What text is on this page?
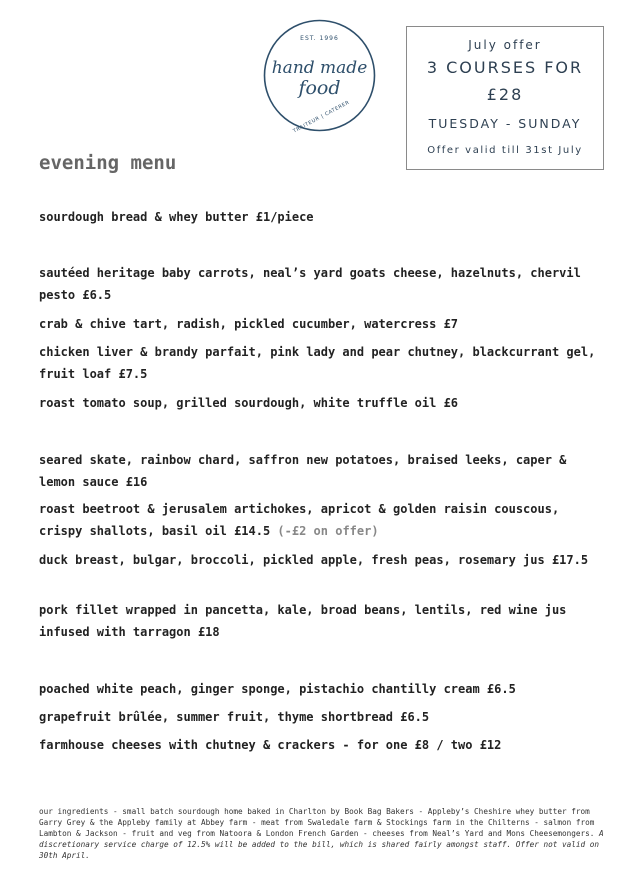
EST. 1996
TRAITEUR | CATERER
hand made
food
July offer
3 COURSES FOR
£28
TUESDAY - SUNDAY
Offer valid till 31st July
evening menu
sourdough bread & whey butter £1/piece
sautéed heritage baby carrots, neal’s yard goats cheese, hazelnuts, chervil pesto £6.5
crab & chive tart, radish, pickled cucumber, watercress £7
chicken liver & brandy parfait, pink lady and pear chutney, blackcurrant gel, fruit loaf £7.5
roast tomato soup, grilled sourdough, white truffle oil £6
seared skate, rainbow chard, saffron new potatoes, braised leeks, caper & lemon sauce £16
roast beetroot & jerusalem artichokes, apricot & golden raisin couscous, crispy shallots, basil oil £14.5 (-£2 on offer)
duck breast, bulgar, broccoli, pickled apple, fresh peas, rosemary jus £17.5
pork fillet wrapped in pancetta, kale, broad beans, lentils, red wine jus infused with tarragon £18
poached white peach, ginger sponge, pistachio chantilly cream £6.5
grapefruit brûlée, summer fruit, thyme shortbread £6.5
farmhouse cheeses with chutney & crackers - for one £8 / two £12
our ingredients - small batch sourdough home baked in Charlton by Book Bag Bakers - Appleby’s Cheshire whey butter from Garry Grey & the Appleby family at Abbey farm - meat from Swaledale farm & Stockings farm in the Chilterns - salmon from Lambton & Jackson - fruit and veg from Natoora & London French Garden - cheeses from Neal’s Yard and Mons Cheesemongers. A discretionary service charge of 12.5% will be added to the bill, which is shared fairly amongst staff. Offer not valid on 30th April.
